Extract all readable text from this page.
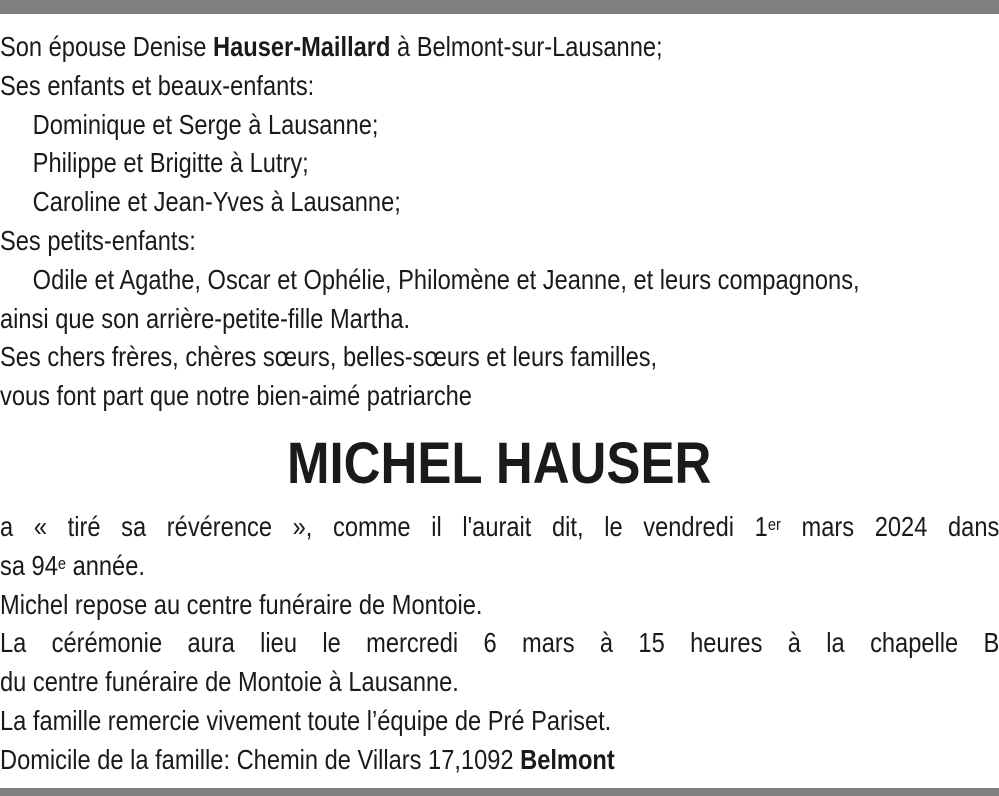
Son épouse Denise Hauser-Maillard à Belmont-sur-Lausanne;
Ses enfants et beaux-enfants:
Dominique et Serge à Lausanne;
Philippe et Brigitte à Lutry;
Caroline et Jean-Yves à Lausanne;
Ses petits-enfants:
Odile et Agathe, Oscar et Ophélie, Philomène et Jeanne, et leurs compagnons,
ainsi que son arrière-petite-fille Martha.
Ses chers frères, chères sœurs, belles-sœurs et leurs familles,
vous font part que notre bien-aimé patriarche
MICHEL HAUSER
a « tiré sa révérence », comme il l'aurait dit, le vendredi 1er mars 2024 dans
sa 94e année.
Michel repose au centre funéraire de Montoie.
La cérémonie aura lieu le mercredi 6 mars à 15 heures à la chapelle B
du centre funéraire de Montoie à Lausanne.
La famille remercie vivement toute l’équipe de Pré Pariset.
Domicile de la famille: Chemin de Villars 17,1092 Belmont
